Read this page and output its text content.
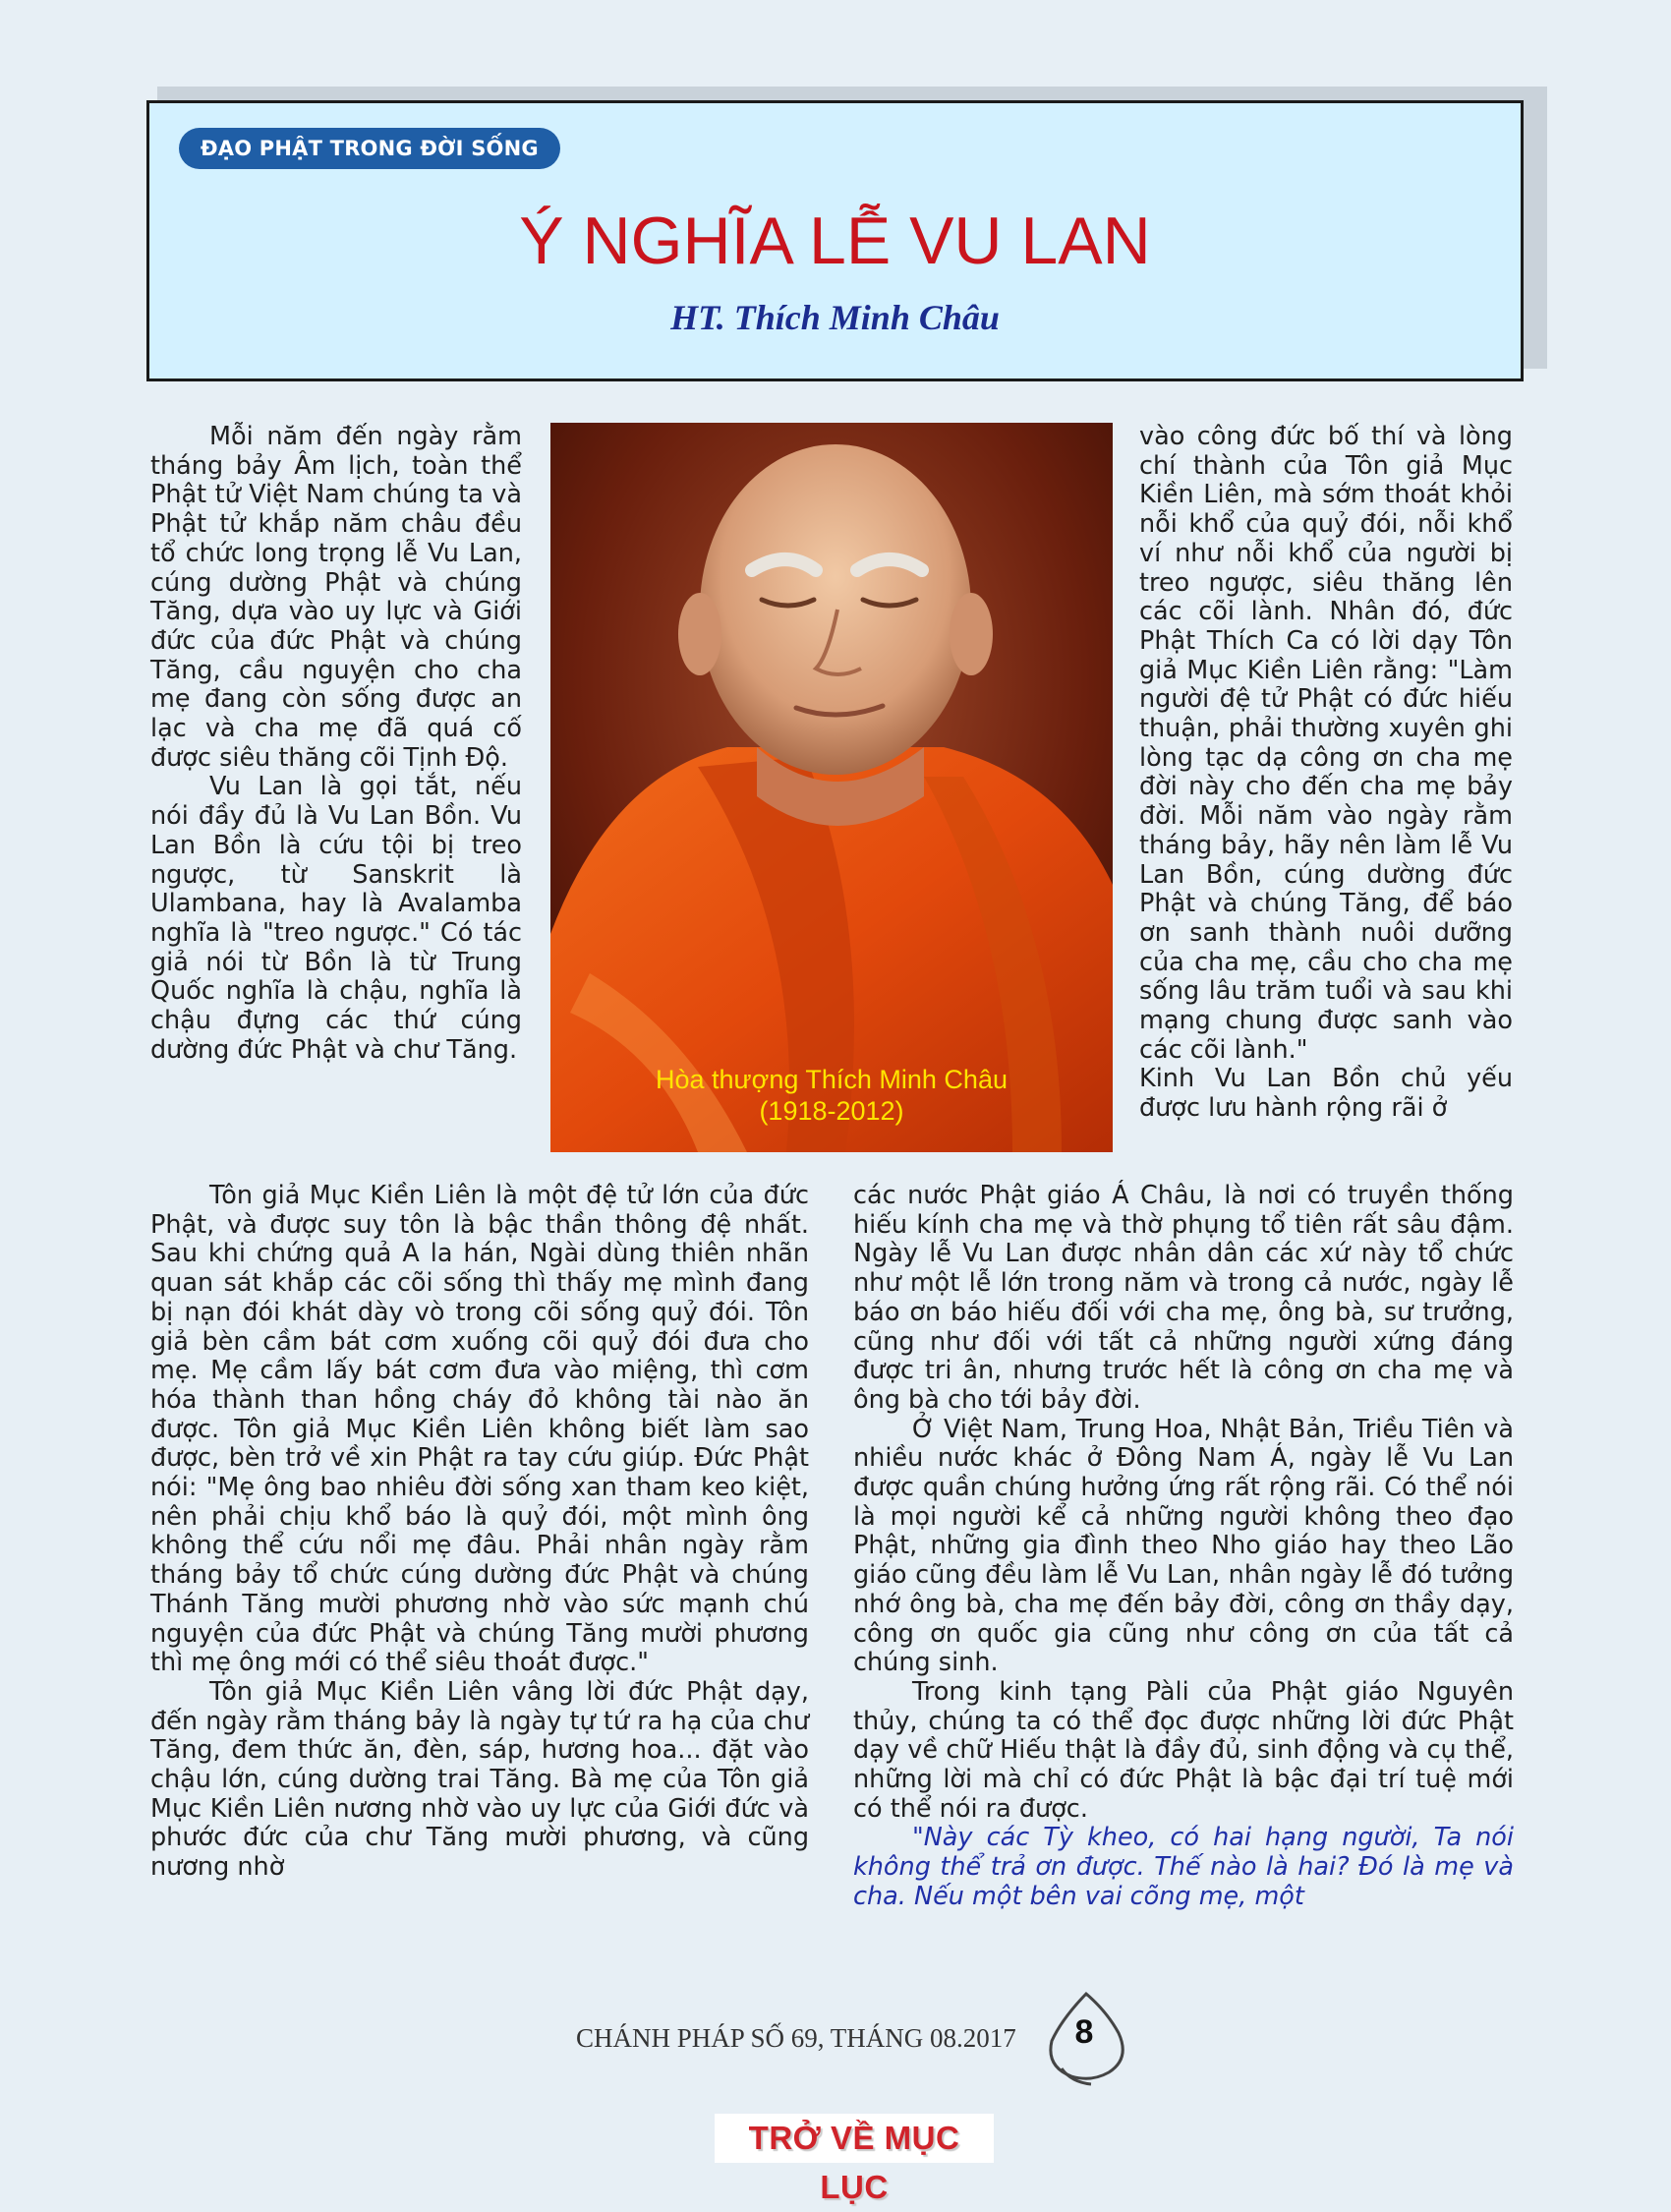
ĐẠO PHẬT TRONG ĐỜI SỐNG
Ý NGHĨA LỄ VU LAN
HT. Thích Minh Châu

Mỗi năm đến ngày rằm tháng bảy Âm lịch, toàn thể Phật tử Việt Nam chúng ta và Phật tử khắp năm châu đều tổ chức long trọng lễ Vu Lan, cúng dường Phật và chúng Tăng, dựa vào uy lực và Giới đức của đức Phật và chúng Tăng, cầu nguyện cho cha mẹ đang còn sống được an lạc và cha mẹ đã quá cố được siêu thăng cõi Tịnh Độ.

Vu Lan là gọi tắt, nếu nói đầy đủ là Vu Lan Bồn. Vu Lan Bồn là cứu tội bị treo ngược, từ Sanskrit là Ulambana, hay là Avalamba nghĩa là "treo ngược." Có tác giả nói từ Bồn là từ Trung Quốc nghĩa là chậu, nghĩa là chậu đựng các thứ cúng dường đức Phật và chư Tăng.

Hòa thượng Thích Minh Châu
(1918-2012)

vào công đức bố thí và lòng chí thành của Tôn giả Mục Kiền Liên, mà sớm thoát khỏi nỗi khổ của quỷ đói, nỗi khổ ví như nỗi khổ của người bị treo ngược, siêu thăng lên các cõi lành. Nhân đó, đức Phật Thích Ca có lời dạy Tôn giả Mục Kiền Liên rằng: "Làm người đệ tử Phật có đức hiếu thuận, phải thường xuyên ghi lòng tạc dạ công ơn cha mẹ đời này cho đến cha mẹ bảy đời. Mỗi năm vào ngày rằm tháng bảy, hãy nên làm lễ Vu Lan Bồn, cúng dường đức Phật và chúng Tăng, để báo ơn sanh thành nuôi dưỡng của cha mẹ, cầu cho cha mẹ sống lâu trăm tuổi và sau khi mạng chung được sanh vào các cõi lành."

Kinh Vu Lan Bồn chủ yếu được lưu hành rộng rãi ở

Tôn giả Mục Kiền Liên là một đệ tử lớn của đức Phật, và được suy tôn là bậc thần thông đệ nhất. Sau khi chứng quả A la hán, Ngài dùng thiên nhãn quan sát khắp các cõi sống thì thấy mẹ mình đang bị nạn đói khát dày vò trong cõi sống quỷ đói. Tôn giả bèn cầm bát cơm xuống cõi quỷ đói đưa cho mẹ. Mẹ cầm lấy bát cơm đưa vào miệng, thì cơm hóa thành than hồng cháy đỏ không tài nào ăn được. Tôn giả Mục Kiền Liên không biết làm sao được, bèn trở về xin Phật ra tay cứu giúp. Đức Phật nói: "Mẹ ông bao nhiêu đời sống xan tham keo kiệt, nên phải chịu khổ báo là quỷ đói, một mình ông không thể cứu nổi mẹ đâu. Phải nhân ngày rằm tháng bảy tổ chức cúng dường đức Phật và chúng Thánh Tăng mười phương nhờ vào sức mạnh chú nguyện của đức Phật và chúng Tăng mười phương thì mẹ ông mới có thể siêu thoát được."

Tôn giả Mục Kiền Liên vâng lời đức Phật dạy, đến ngày rằm tháng bảy là ngày tự tứ ra hạ của chư Tăng, đem thức ăn, đèn, sáp, hương hoa... đặt vào chậu lớn, cúng dường trai Tăng. Bà mẹ của Tôn giả Mục Kiền Liên nương nhờ vào uy lực của Giới đức và phước đức của chư Tăng mười phương, và cũng nương nhờ

các nước Phật giáo Á Châu, là nơi có truyền thống hiếu kính cha mẹ và thờ phụng tổ tiên rất sâu đậm. Ngày lễ Vu Lan được nhân dân các xứ này tổ chức như một lễ lớn trong năm và trong cả nước, ngày lễ báo ơn báo hiếu đối với cha mẹ, ông bà, sư trưởng, cũng như đối với tất cả những người xứng đáng được tri ân, nhưng trước hết là công ơn cha mẹ và ông bà cho tới bảy đời.

Ở Việt Nam, Trung Hoa, Nhật Bản, Triều Tiên và nhiều nước khác ở Đông Nam Á, ngày lễ Vu Lan được quần chúng hưởng ứng rất rộng rãi. Có thể nói là mọi người kể cả những người không theo đạo Phật, những gia đình theo Nho giáo hay theo Lão giáo cũng đều làm lễ Vu Lan, nhân ngày lễ đó tưởng nhớ ông bà, cha mẹ đến bảy đời, công ơn thầy dạy, công ơn quốc gia cũng như công ơn của tất cả chúng sinh.

Trong kinh tạng Pàli của Phật giáo Nguyên thủy, chúng ta có thể đọc được những lời đức Phật dạy về chữ Hiếu thật là đầy đủ, sinh động và cụ thể, những lời mà chỉ có đức Phật là bậc đại trí tuệ mới có thể nói ra được.

"Này các Tỳ kheo, có hai hạng người, Ta nói không thể trả ơn được. Thế nào là hai? Đó là mẹ và cha. Nếu một bên vai cõng mẹ, một

CHÁNH PHÁP SỐ 69, THÁNG 08.2017 8
TRỞ VỀ MỤC LỤC
